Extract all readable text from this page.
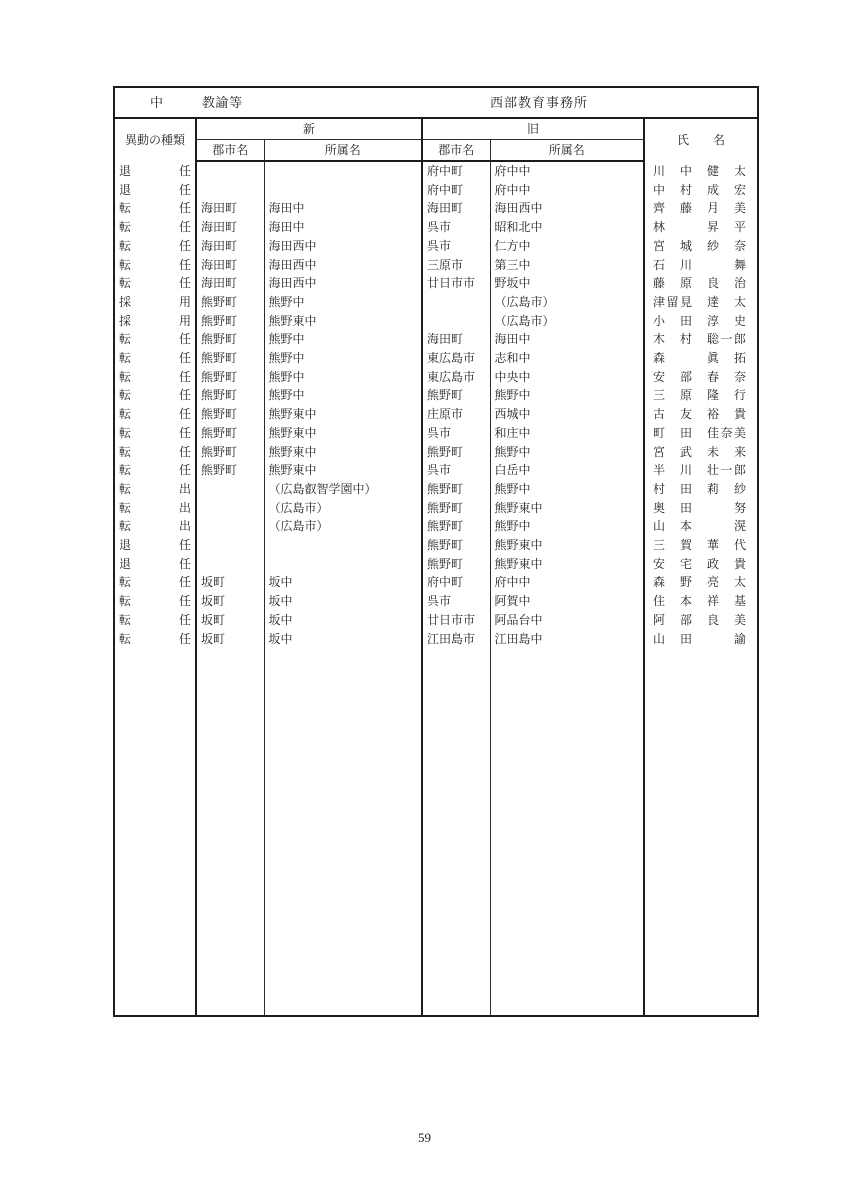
中 教諭等 西部教育事務所					

異動の種類	新		旧		氏　　名
	郡市名	所属名	郡市名	所属名	
退　　　　任			府中町	府中中	川　中　健　太
退　　　　任			府中町	府中中	中　村　成　宏
転　　　　任	海田町	海田中	海田町	海田西中	齊　藤　月　美
転　　　　任	海田町	海田中	呉市	昭和北中	林　　　昇　平
転　　　　任	海田町	海田西中	呉市	仁方中	宮　城　紗　奈
転　　　　任	海田町	海田西中	三原市	第三中	石　川　　　舞
転　　　　任	海田町	海田西中	廿日市市	野坂中	藤　原　良　治
採　　　　用	熊野町	熊野中		（広島市）	津留見　達　太
採　　　　用	熊野町	熊野東中		（広島市）	小　田　淳　史
転　　　　任	熊野町	熊野中	海田町	海田中	木　村　聡一郎
転　　　　任	熊野町	熊野中	東広島市	志和中	森　　　眞　拓
転　　　　任	熊野町	熊野中	東広島市	中央中	安　部　春　奈
転　　　　任	熊野町	熊野中	熊野町	熊野中	三　原　隆　行
転　　　　任	熊野町	熊野東中	庄原市	西城中	古　友　裕　貴
転　　　　任	熊野町	熊野東中	呉市	和庄中	町　田　佳奈美
転　　　　任	熊野町	熊野東中	熊野町	熊野中	宮　武　未　来
転　　　　任	熊野町	熊野東中	呉市	白岳中	半　川　壮一郎
転　　　　出		（広島叡智学園中）	熊野町	熊野中	村　田　莉　紗
転　　　　出		（広島市）	熊野町	熊野東中	奥　田　　　努
転　　　　出		（広島市）	熊野町	熊野中	山　本　　　滉
退　　　　任			熊野町	熊野東中	三　賀　華　代
退　　　　任			熊野町	熊野東中	安　宅　政　貴
転　　　　任	坂町	坂中	府中町	府中中	森　野　亮　太
転　　　　任	坂町	坂中	呉市	阿賀中	住　本　祥　基
転　　　　任	坂町	坂中	廿日市市	阿品台中	阿　部　良　美
転　　　　任	坂町	坂中	江田島市	江田島中	山　田　　　諭

59
